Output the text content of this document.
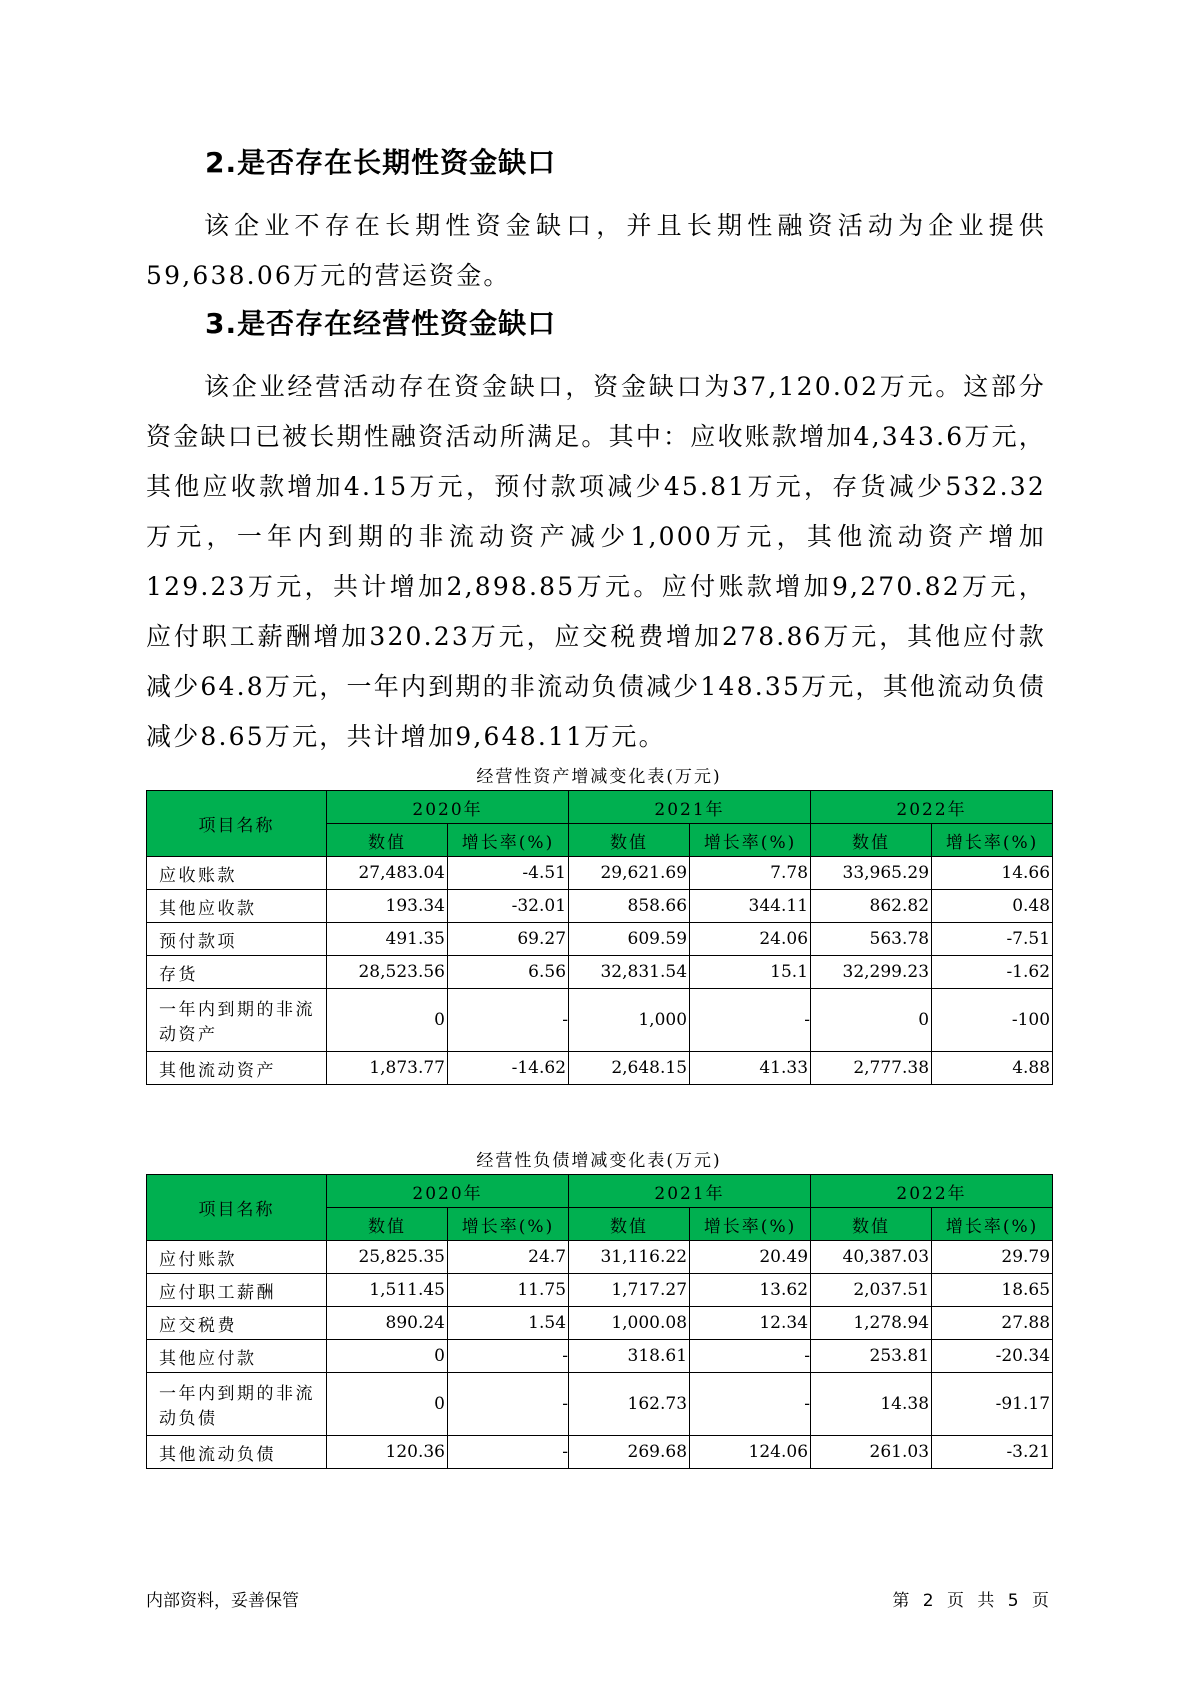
2.是否存在长期性资金缺口

该企业不存在长期性资金缺口，并且长期性融资活动为企业提供59,638.06万元的营运资金。

3.是否存在经营性资金缺口

该企业经营活动存在资金缺口，资金缺口为37,120.02万元。这部分资金缺口已被长期性融资活动所满足。其中：应收账款增加4,343.6万元，其他应收款增加4.15万元，预付款项减少45.81万元，存货减少532.32万元，一年内到期的非流动资产减少1,000万元，其他流动资产增加129.23万元，共计增加2,898.85万元。应付账款增加9,270.82万元，应付职工薪酬增加320.23万元，应交税费增加278.86万元，其他应付款减少64.8万元，一年内到期的非流动负债减少148.35万元，其他流动负债减少8.65万元，共计增加9,648.11万元。

经营性资产增减变化表(万元)
项目名称	2020年		2021年		2022年	
	数值	增长率(%)	数值	增长率(%)	数值	增长率(%)
应收账款	27,483.04	-4.51	29,621.69	7.78	33,965.29	14.66
其他应收款	193.34	-32.01	858.66	344.11	862.82	0.48
预付款项	491.35	69.27	609.59	24.06	563.78	-7.51
存货	28,523.56	6.56	32,831.54	15.1	32,299.23	-1.62
一年内到期的非流动资产	0	-	1,000	-	0	-100
其他流动资产	1,873.77	-14.62	2,648.15	41.33	2,777.38	4.88
经营性负债增减变化表(万元)
项目名称	2020年		2021年		2022年	
	数值	增长率(%)	数值	增长率(%)	数值	增长率(%)
应付账款	25,825.35	24.7	31,116.22	20.49	40,387.03	29.79
应付职工薪酬	1,511.45	11.75	1,717.27	13.62	2,037.51	18.65
应交税费	890.24	1.54	1,000.08	12.34	1,278.94	27.88
其他应付款	0	-	318.61	-	253.81	-20.34
一年内到期的非流动负债	0	-	162.73	-	14.38	-91.17
其他流动负债	120.36	-	269.68	124.06	261.03	-3.21
内部资料，妥善保管	第 2 页 共 5 页
